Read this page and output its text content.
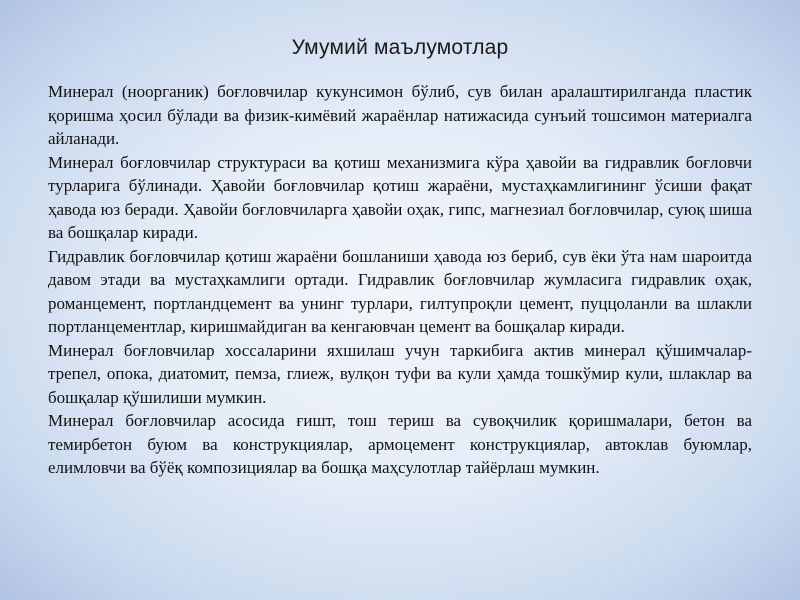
Умумий маълумотлар

Минерал (ноорганик) боғловчилар кукунсимон бўлиб, сув билан аралаштирилганда пластик қоришма ҳосил бўлади ва физик-кимёвий жараёнлар натижасида сунъий тошсимон материалга айланади.

Минерал боғловчилар структураси ва қотиш механизмига кўра ҳавойи ва гидравлик боғловчи турларига бўлинади. Ҳавойи боғловчилар қотиш жараёни, мустаҳкамлигининг ўсиши фақат ҳавода юз беради. Ҳавойи боғловчиларга ҳавойи оҳак, гипс, магнезиал боғловчилар, суюқ шиша ва бошқалар киради.

Гидравлик боғловчилар қотиш жараёни бошланиши ҳавода юз бериб, сув ёки ўта нам шароитда давом этади ва мустаҳкамлиги ортади. Гидравлик боғловчилар жумласига гидравлик оҳак, романцемент, портландцемент ва унинг турлари, гилтупроқли цемент, пуццоланли ва шлакли портланцементлар, киришмайдиган ва кенгаювчан цемент ва бошқалар киради.

Минерал боғловчилар хоссаларини яхшилаш учун таркибига актив минерал қўшимчалар-трепел, опока, диатомит, пемза, глиеж, вулқон туфи ва кули ҳамда тошкўмир кули, шлаклар ва бошқалар қўшилиши мумкин.

Минерал боғловчилар асосида ғишт, тош териш ва сувоқчилик қоришмалари, бетон ва темирбетон буюм ва конструкциялар, армоцемент конструкциялар, автоклав буюмлар, елимловчи ва бўёқ композициялар ва бошқа маҳсулотлар тайёрлаш мумкин.
